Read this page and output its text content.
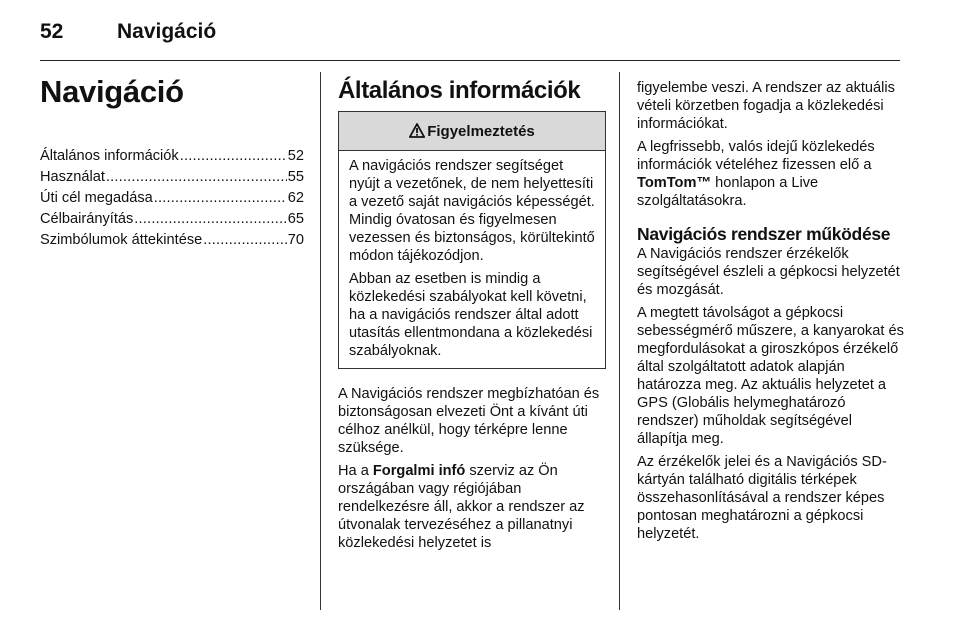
52	Navigáció
Navigáció
Általános információk .....	52
Használat .....	55
Úti cél megadása .....	62
Célbairányítás .....	65
Szimbólumok áttekintése .....	70
Általános információk
Figyelmeztetés

A navigációs rendszer segítséget nyújt a vezetőnek, de nem helyettesíti a vezető saját navigációs képességét. Mindig óvatosan és figyelmesen vezessen és biztonságos, körültekintő módon tájékozódjon.

Abban az esetben is mindig a közlekedési szabályokat kell követni, ha a navigációs rendszer által adott utasítás ellentmondana a közlekedési szabályoknak.

A Navigációs rendszer megbízhatóan és biztonságosan elvezeti Önt a kívánt úti célhoz anélkül, hogy térképre lenne szüksége.

Ha a Forgalmi infó szerviz az Ön országában vagy régiójában rendelkezésre áll, akkor a rendszer az útvonalak tervezéséhez a pillanatnyi közlekedési helyzetet is

figyelembe veszi. A rendszer az aktuális vételi körzetben fogadja a közlekedési információkat.

A legfrissebb, valós idejű közlekedés információk vételéhez fizessen elő a TomTom™ honlapon a Live szolgáltatásokra.

Navigációs rendszer működése

A Navigációs rendszer érzékelők segítségével észleli a gépkocsi helyzetét és mozgását.

A megtett távolságot a gépkocsi sebességmérő műszere, a kanyarokat és megfordulásokat a giroszkópos érzékelő által szolgáltatott adatok alapján határozza meg. Az aktuális helyzetet a GPS (Globális helymeghatározó rendszer) műholdak segítségével állapítja meg.

Az érzékelők jelei és a Navigációs SD-kártyán található digitális térképek összehasonlításával a rendszer képes pontosan meghatározni a gépkocsi helyzetét.
